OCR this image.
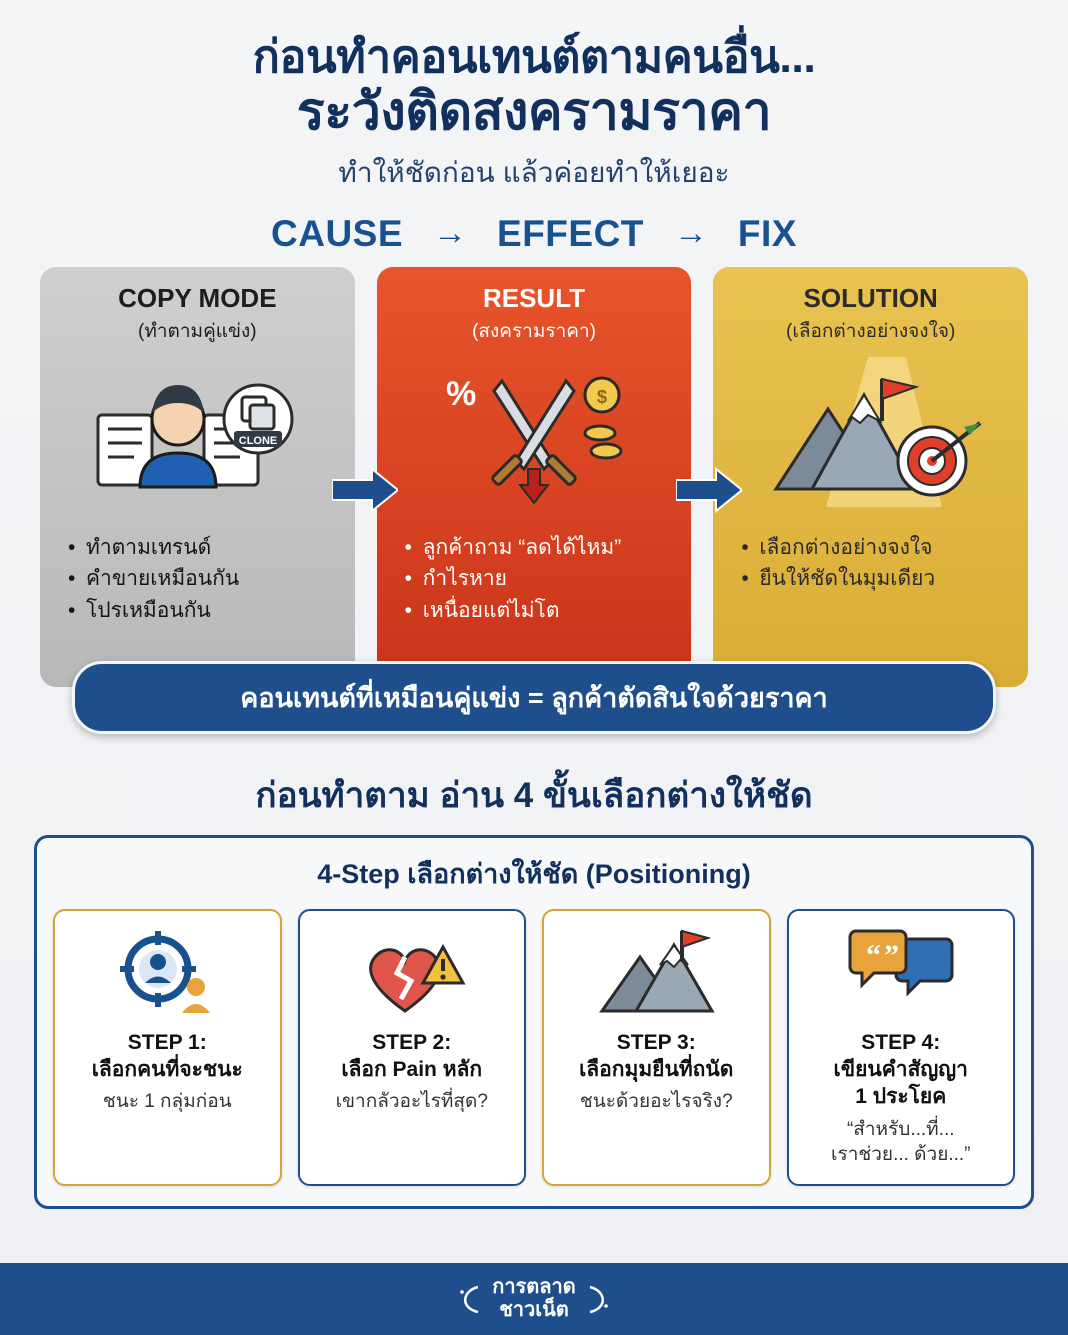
ก่อนทำคอนเทนต์ตามคนอื่น...
ระวังติดสงครามราคา
ทำให้ชัดก่อน แล้วค่อยทำให้เยอะ
CAUSE → EFFECT → FIX
COPY MODE
(ทำตามคู่แข่ง)
CLONE
• ทำตามเทรนด์
• คำขายเหมือนกัน
• โปรเหมือนกัน
RESULT
(สงครามราคา)
%	$
• ลูกค้าถาม “ลดได้ไหม”
• กำไรหาย
• เหนื่อยแต่ไม่โต
SOLUTION
(เลือกต่างอย่างจงใจ)
• เลือกต่างอย่างจงใจ
• ยืนให้ชัดในมุมเดียว
คอนเทนต์ที่เหมือนคู่แข่ง = ลูกค้าตัดสินใจด้วยราคา
ก่อนทำตาม อ่าน 4 ขั้นเลือกต่างให้ชัด
4-Step เลือกต่างให้ชัด (Positioning)
STEP 1:
เลือกคนที่จะชนะ
ชนะ 1 กลุ่มก่อน
STEP 2:
เลือก Pain หลัก
เขากลัวอะไรที่สุด?
STEP 3:
เลือกมุมยืนที่ถนัด
ชนะด้วยอะไรจริง?
“ ”
STEP 4:
เขียนคำสัญญา
1 ประโยค
“สำหรับ...ที่...
เราช่วย... ด้วย...”
การตลาด
ชาวเน็ต
